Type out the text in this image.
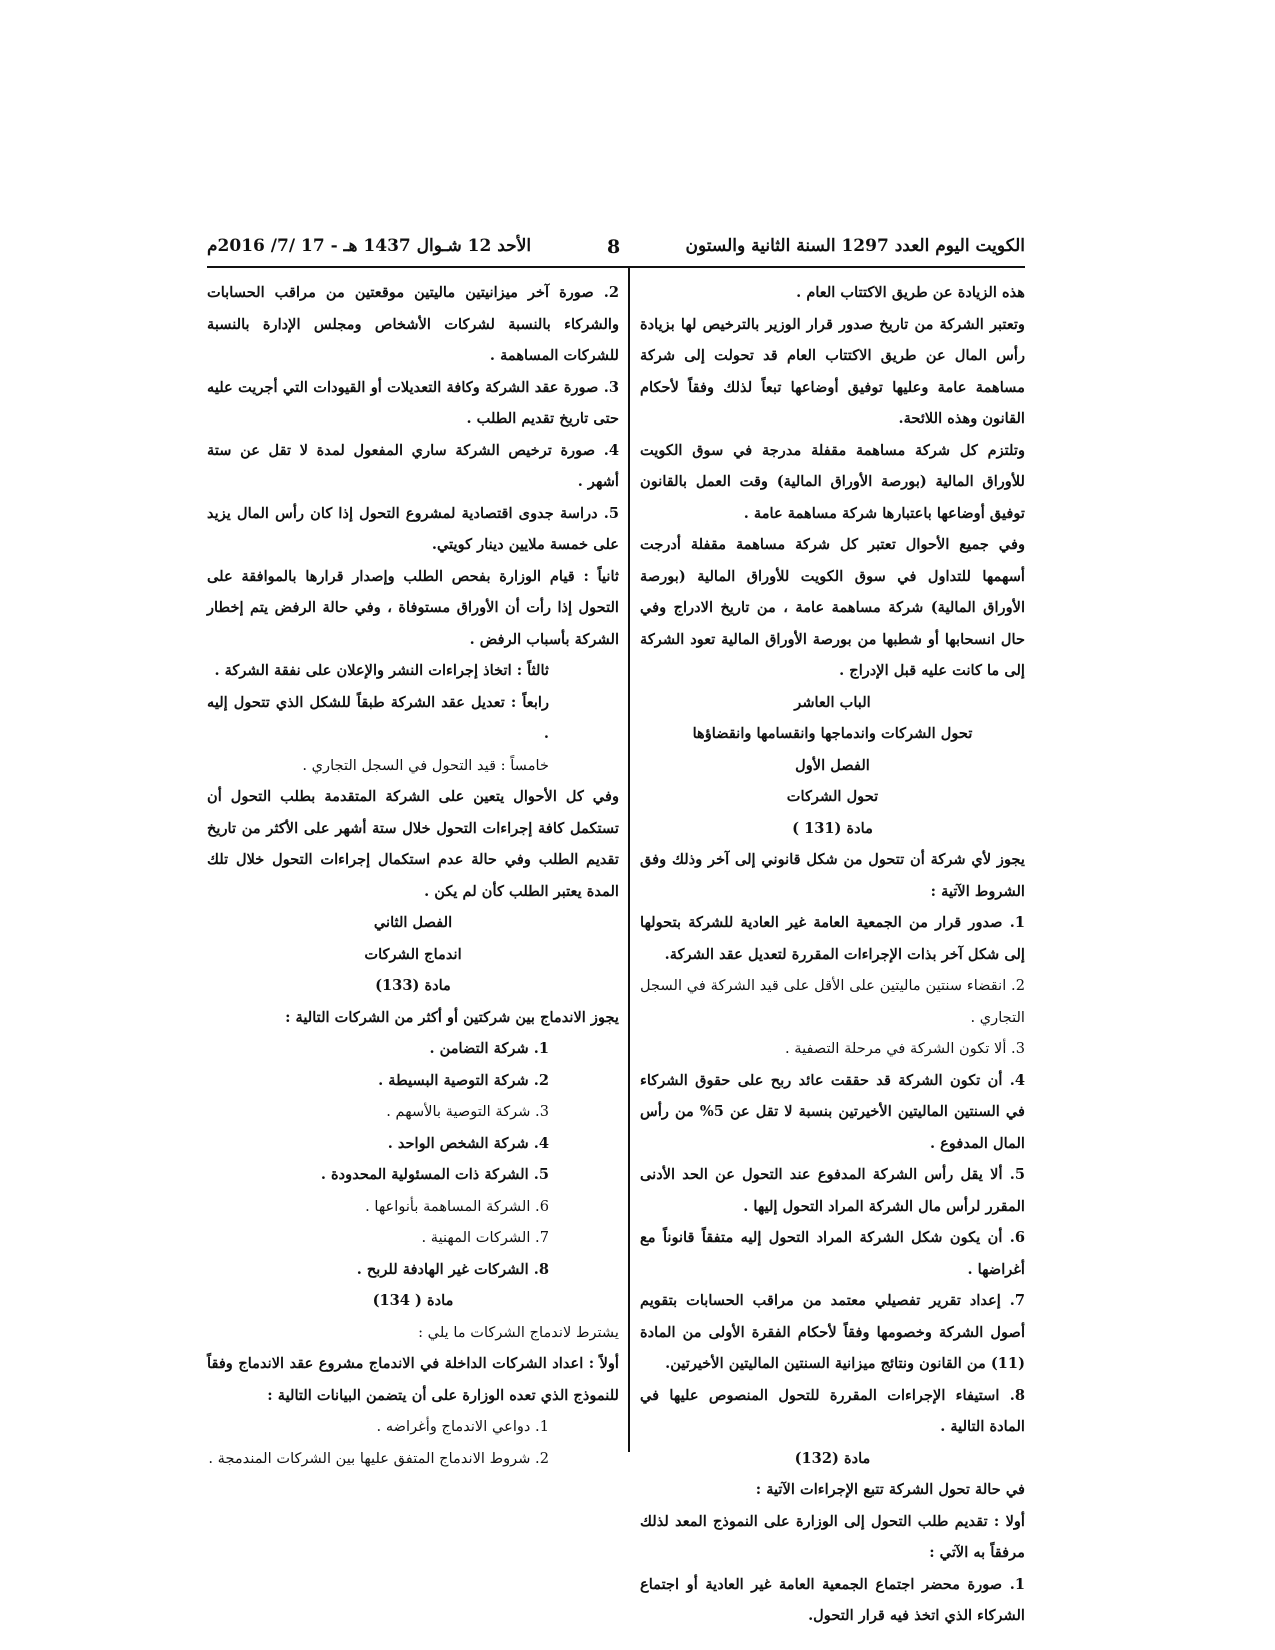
الكويت اليوم العدد 1297 السنة الثانية والستون
8
الأحد 12 شـوال 1437 هـ - 17 /7/ 2016م

هذه الزيادة عن طريق الاكتتاب العام .

وتعتبر الشركة من تاريخ صدور قرار الوزير بالترخيص لها بزيادة رأس المال عن طريق الاكتتاب العام قد تحولت إلى شركة مساهمة عامة وعليها توفيق أوضاعها تبعاً لذلك وفقاً لأحكام القانون وهذه اللائحة.

وتلتزم كل شركة مساهمة مقفلة مدرجة في سوق الكويت للأوراق المالية (بورصة الأوراق المالية) وقت العمل بالقانون توفيق أوضاعها باعتبارها شركة مساهمة عامة .

وفي جميع الأحوال تعتبر كل شركة مساهمة مقفلة أدرجت أسهمها للتداول في سوق الكويت للأوراق المالية (بورصة الأوراق المالية) شركة مساهمة عامة ، من تاريخ الادراج وفي حال انسحابها أو شطبها من بورصة الأوراق المالية تعود الشركة إلى ما كانت عليه قبل الإدراج .

الباب العاشر

تحول الشركات واندماجها وانقسامها وانقضاؤها

الفصل الأول

تحول الشركات

مادة (131 )

يجوز لأي شركة أن تتحول من شكل قانوني إلى آخر وذلك وفق الشروط الآتية :

1. صدور قرار من الجمعية العامة غير العادية للشركة بتحولها إلى شكل آخر بذات الإجراءات المقررة لتعديل عقد الشركة.

2. انقضاء سنتين ماليتين على الأقل على قيد الشركة في السجل التجاري .

3. ألا تكون الشركة في مرحلة التصفية .

4. أن تكون الشركة قد حققت عائد ربح على حقوق الشركاء في السنتين الماليتين الأخيرتين بنسبة لا تقل عن 5% من رأس المال المدفوع .

5. ألا يقل رأس الشركة المدفوع عند التحول عن الحد الأدنى المقرر لرأس مال الشركة المراد التحول إليها .

6. أن يكون شكل الشركة المراد التحول إليه متفقاً قانوناً مع أغراضها .

7. إعداد تقرير تفصيلي معتمد من مراقب الحسابات بتقويم أصول الشركة وخصومها وفقاً لأحكام الفقرة الأولى من المادة (11) من القانون ونتائج ميزانية السنتين الماليتين الأخيرتين.

8. استيفاء الإجراءات المقررة للتحول المنصوص عليها في المادة التالية .

مادة (132)

في حالة تحول الشركة تتبع الإجراءات الآتية :

أولا : تقديم طلب التحول إلى الوزارة على النموذج المعد لذلك مرفقاً به الآتي :

1. صورة محضر اجتماع الجمعية العامة غير العادية أو اجتماع الشركاء الذي اتخذ فيه قرار التحول.

2. صورة آخر ميزانيتين ماليتين موقعتين من مراقب الحسابات والشركاء بالنسبة لشركات الأشخاص ومجلس الإدارة بالنسبة للشركات المساهمة .

3. صورة عقد الشركة وكافة التعديلات أو القيودات التي أجريت عليه حتى تاريخ تقديم الطلب .

4. صورة ترخيص الشركة ساري المفعول لمدة لا تقل عن ستة أشهر .

5. دراسة جدوى اقتصادية لمشروع التحول إذا كان رأس المال يزيد على خمسة ملايين دينار كويتي.

ثانياً : قيام الوزارة بفحص الطلب وإصدار قرارها بالموافقة على التحول إذا رأت أن الأوراق مستوفاة ، وفي حالة الرفض يتم إخطار الشركة بأسباب الرفض .

ثالثاً : اتخاذ إجراءات النشر والإعلان على نفقة الشركة .

رابعاً : تعديل عقد الشركة طبقاً للشكل الذي تتحول إليه .

خامساً : قيد التحول في السجل التجاري .

وفي كل الأحوال يتعين على الشركة المتقدمة بطلب التحول أن تستكمل كافة إجراءات التحول خلال ستة أشهر على الأكثر من تاريخ تقديم الطلب وفي حالة عدم استكمال إجراءات التحول خلال تلك المدة يعتبر الطلب كأن لم يكن .

الفصل الثاني

اندماج الشركات

مادة (133)

يجوز الاندماج بين شركتين أو أكثر من الشركات التالية :

1. شركة التضامن .

2. شركة التوصية البسيطة .

3. شركة التوصية بالأسهم .

4. شركة الشخص الواحد .

5. الشركة ذات المسئولية المحدودة .

6. الشركة المساهمة بأنواعها .

7. الشركات المهنية .

8. الشركات غير الهادفة للربح .

مادة ( 134)

يشترط لاندماج الشركات ما يلي :

أولاً : اعداد الشركات الداخلة في الاندماج مشروع عقد الاندماج وفقاً للنموذج الذي تعده الوزارة على أن يتضمن البيانات التالية :

1. دواعي الاندماج وأغراضه .

2. شروط الاندماج المتفق عليها بين الشركات المندمجة .
